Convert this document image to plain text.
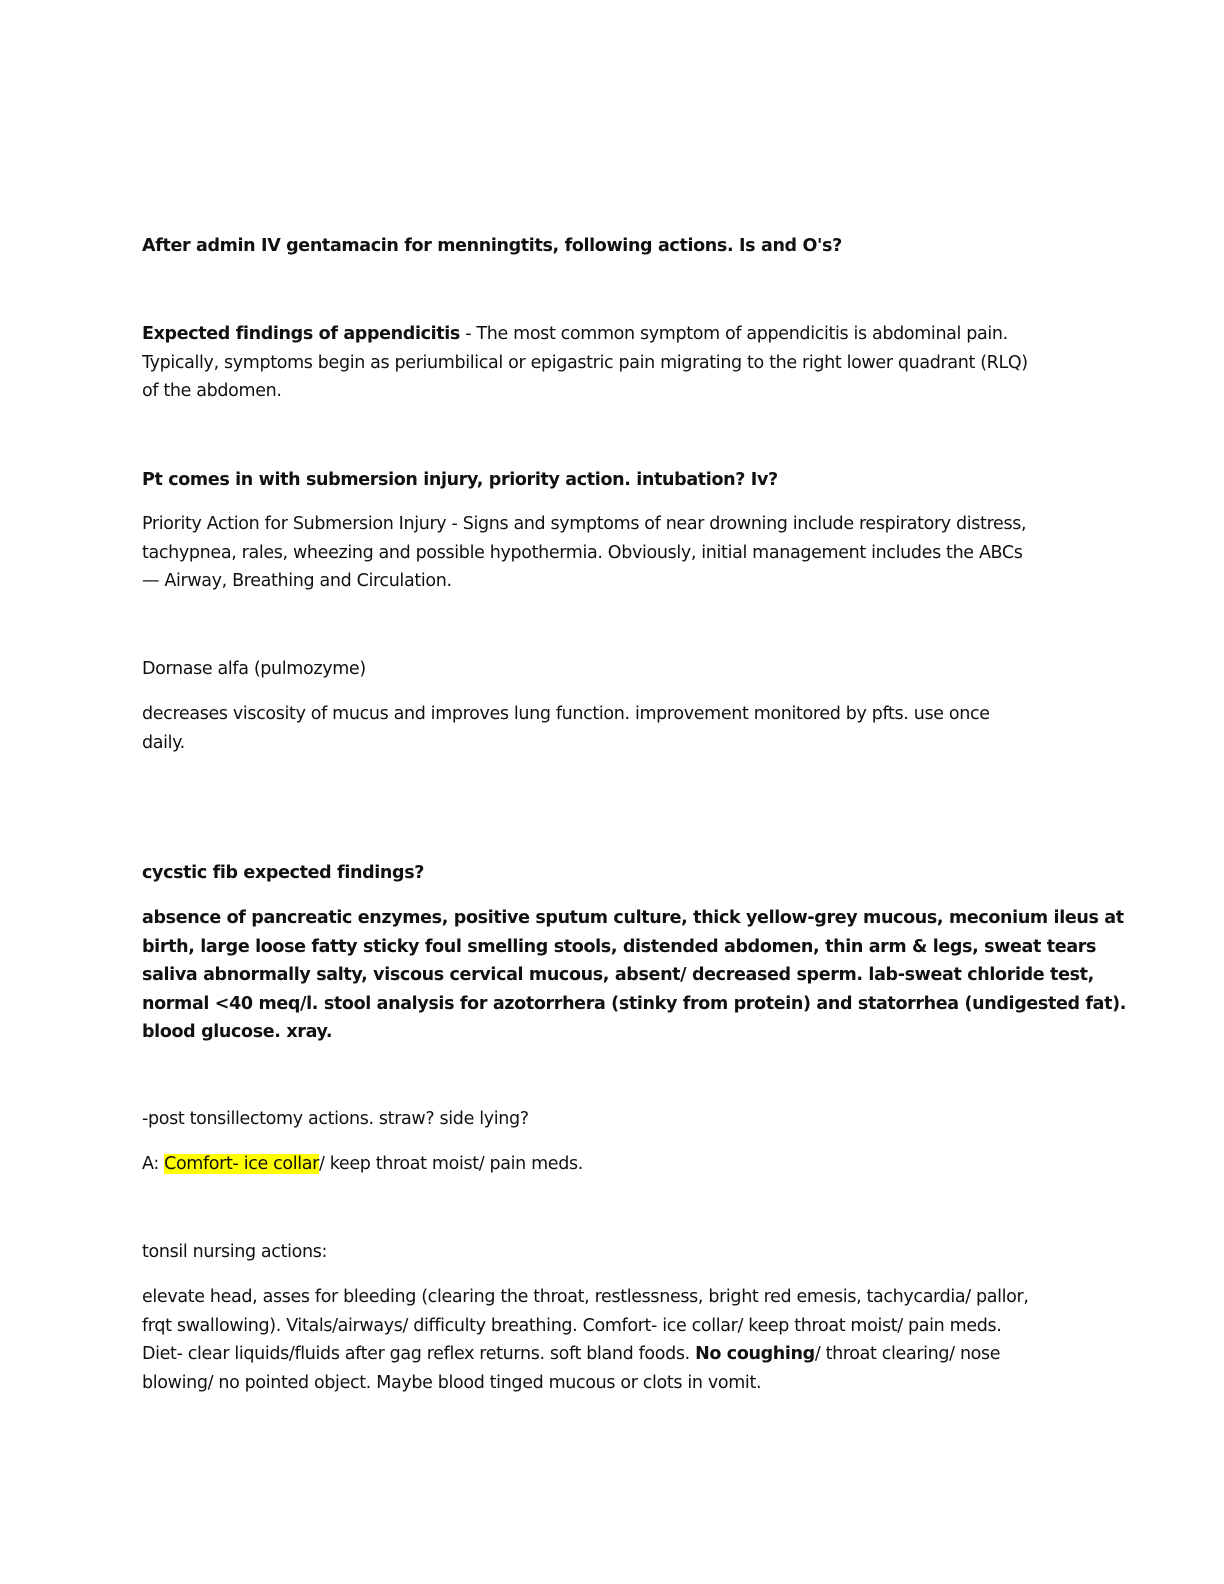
After admin IV gentamacin for menningtits, following actions. Is and O's?

Expected findings of appendicitis - The most common symptom of appendicitis is abdominal pain.
Typically, symptoms begin as periumbilical or epigastric pain migrating to the right lower quadrant (RLQ)
of the abdomen.

Pt comes in with submersion injury, priority action. intubation? Iv?

Priority Action for Submersion Injury - Signs and symptoms of near drowning include respiratory distress,
tachypnea, rales, wheezing and possible hypothermia. Obviously, initial management includes the ABCs
— Airway, Breathing and Circulation.

Dornase alfa (pulmozyme)

decreases viscosity of mucus and improves lung function. improvement monitored by pfts. use once
daily.

cycstic fib expected findings?

absence of pancreatic enzymes, positive sputum culture, thick yellow-grey mucous, meconium ileus at
birth, large loose fatty sticky foul smelling stools, distended abdomen, thin arm & legs, sweat tears
saliva abnormally salty, viscous cervical mucous, absent/ decreased sperm. lab-sweat chloride test,
normal <40 meq/l. stool analysis for azotorrhera (stinky from protein) and statorrhea (undigested fat).
blood glucose. xray.

-post tonsillectomy actions. straw? side lying?

A: Comfort- ice collar/ keep throat moist/ pain meds.

tonsil nursing actions:

elevate head, asses for bleeding (clearing the throat, restlessness, bright red emesis, tachycardia/ pallor,
frqt swallowing). Vitals/airways/ difficulty breathing. Comfort- ice collar/ keep throat moist/ pain meds.
Diet- clear liquids/fluids after gag reflex returns. soft bland foods. No coughing/ throat clearing/ nose
blowing/ no pointed object. Maybe blood tinged mucous or clots in vomit.
